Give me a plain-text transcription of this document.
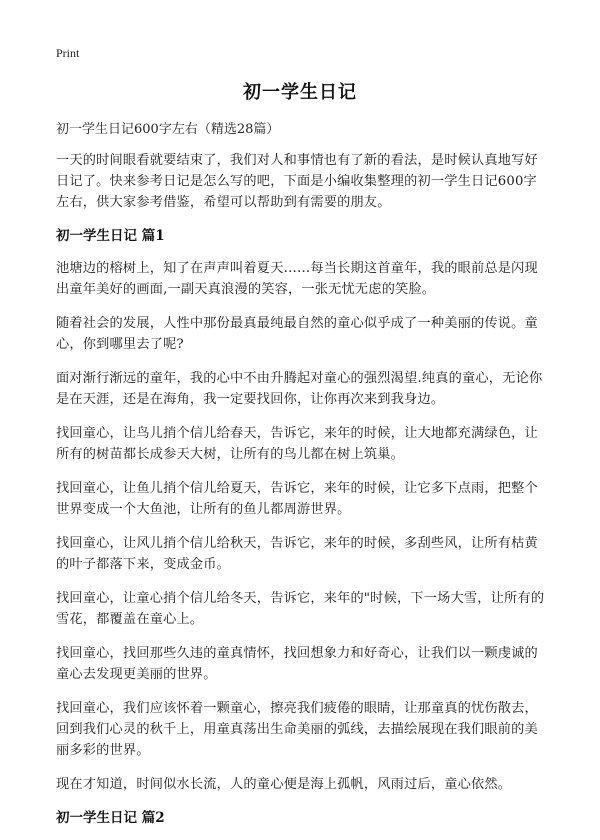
Print
初一学生日记

初一学生日记600字左右（精选28篇）

一天的时间眼看就要结束了，我们对人和事情也有了新的看法，是时候认真地写好日记了。快来参考日记是怎么写的吧，下面是小编收集整理的初一学生日记600字左右，供大家参考借鉴，希望可以帮助到有需要的朋友。

初一学生日记 篇1

池塘边的榕树上，知了在声声叫着夏天……每当长期这首童年，我的眼前总是闪现出童年美好的画面,一副天真浪漫的笑容，一张无忧无虑的笑脸。

随着社会的发展，人性中那份最真最纯最自然的童心似乎成了一种美丽的传说。童心，你到哪里去了呢?

面对渐行渐远的童年，我的心中不由升腾起对童心的强烈渴望.纯真的童心，无论你是在天涯，还是在海角，我一定要找回你，让你再次来到我身边。

找回童心，让鸟儿捎个信儿给春天，告诉它，来年的时候，让大地都充满绿色，让所有的树苗都长成参天大树，让所有的鸟儿都在树上筑巢。

找回童心，让鱼儿捎个信儿给夏天，告诉它，来年的时候，让它多下点雨，把整个世界变成一个大鱼池，让所有的鱼儿都周游世界。

找回童心，让风儿捎个信儿给秋天，告诉它，来年的时候，多刮些风，让所有枯黄的叶子都落下来，变成金币。

找回童心，让童心捎个信儿给冬天，告诉它，来年的"时候，下一场大雪，让所有的雪花，都覆盖在童心上。

找回童心，找回那些久违的童真情怀，找回想象力和好奇心，让我们以一颗虔诚的童心去发现更美丽的世界。

找回童心，我们应该怀着一颗童心，擦亮我们疲倦的眼睛，让那童真的忧伤散去，回到我们心灵的秋千上，用童真荡出生命美丽的弧线，去描绘展现在我们眼前的美丽多彩的世界。

现在才知道，时间似水长流，人的童心便是海上孤帆，风雨过后，童心依然。

初一学生日记 篇2
